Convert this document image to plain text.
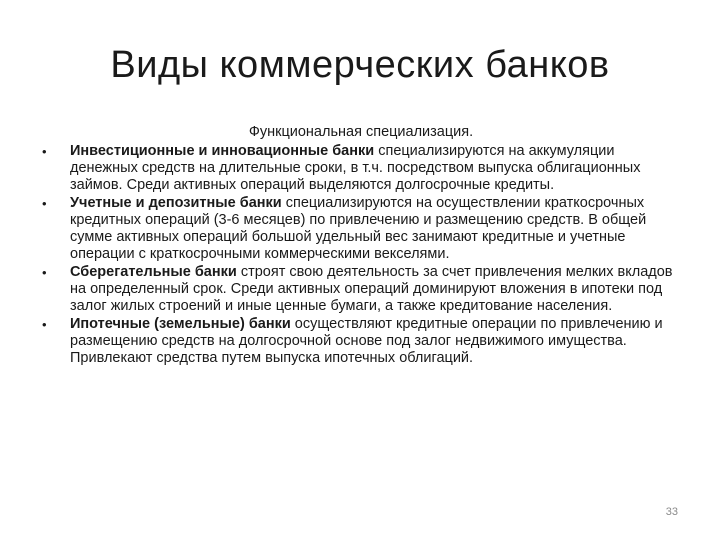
Виды коммерческих банков

Функциональная специализация.

• Инвестиционные и инновационные банки специализируются на аккумуляции денежных средств на длительные сроки, в т.ч. посредством выпуска облигационных займов. Среди активных операций выделяются долгосрочные кредиты.
• Учетные и депозитные банки специализируются на осуществлении краткосрочных кредитных операций (3-6 месяцев) по привлечению и размещению средств. В общей сумме активных операций большой удельный вес занимают кредитные и учетные операции с краткосрочными коммерческими векселями.
• Сберегательные банки строят свою деятельность за счет привлечения мелких вкладов на определенный срок. Среди активных операций доминируют вложения в ипотеки под залог жилых строений и иные ценные бумаги, а также кредитование населения.
• Ипотечные (земельные) банки осуществляют кредитные операции по привлечению и размещению средств на долгосрочной основе под залог недвижимого имущества. Привлекают средства путем выпуска ипотечных облигаций.
33
